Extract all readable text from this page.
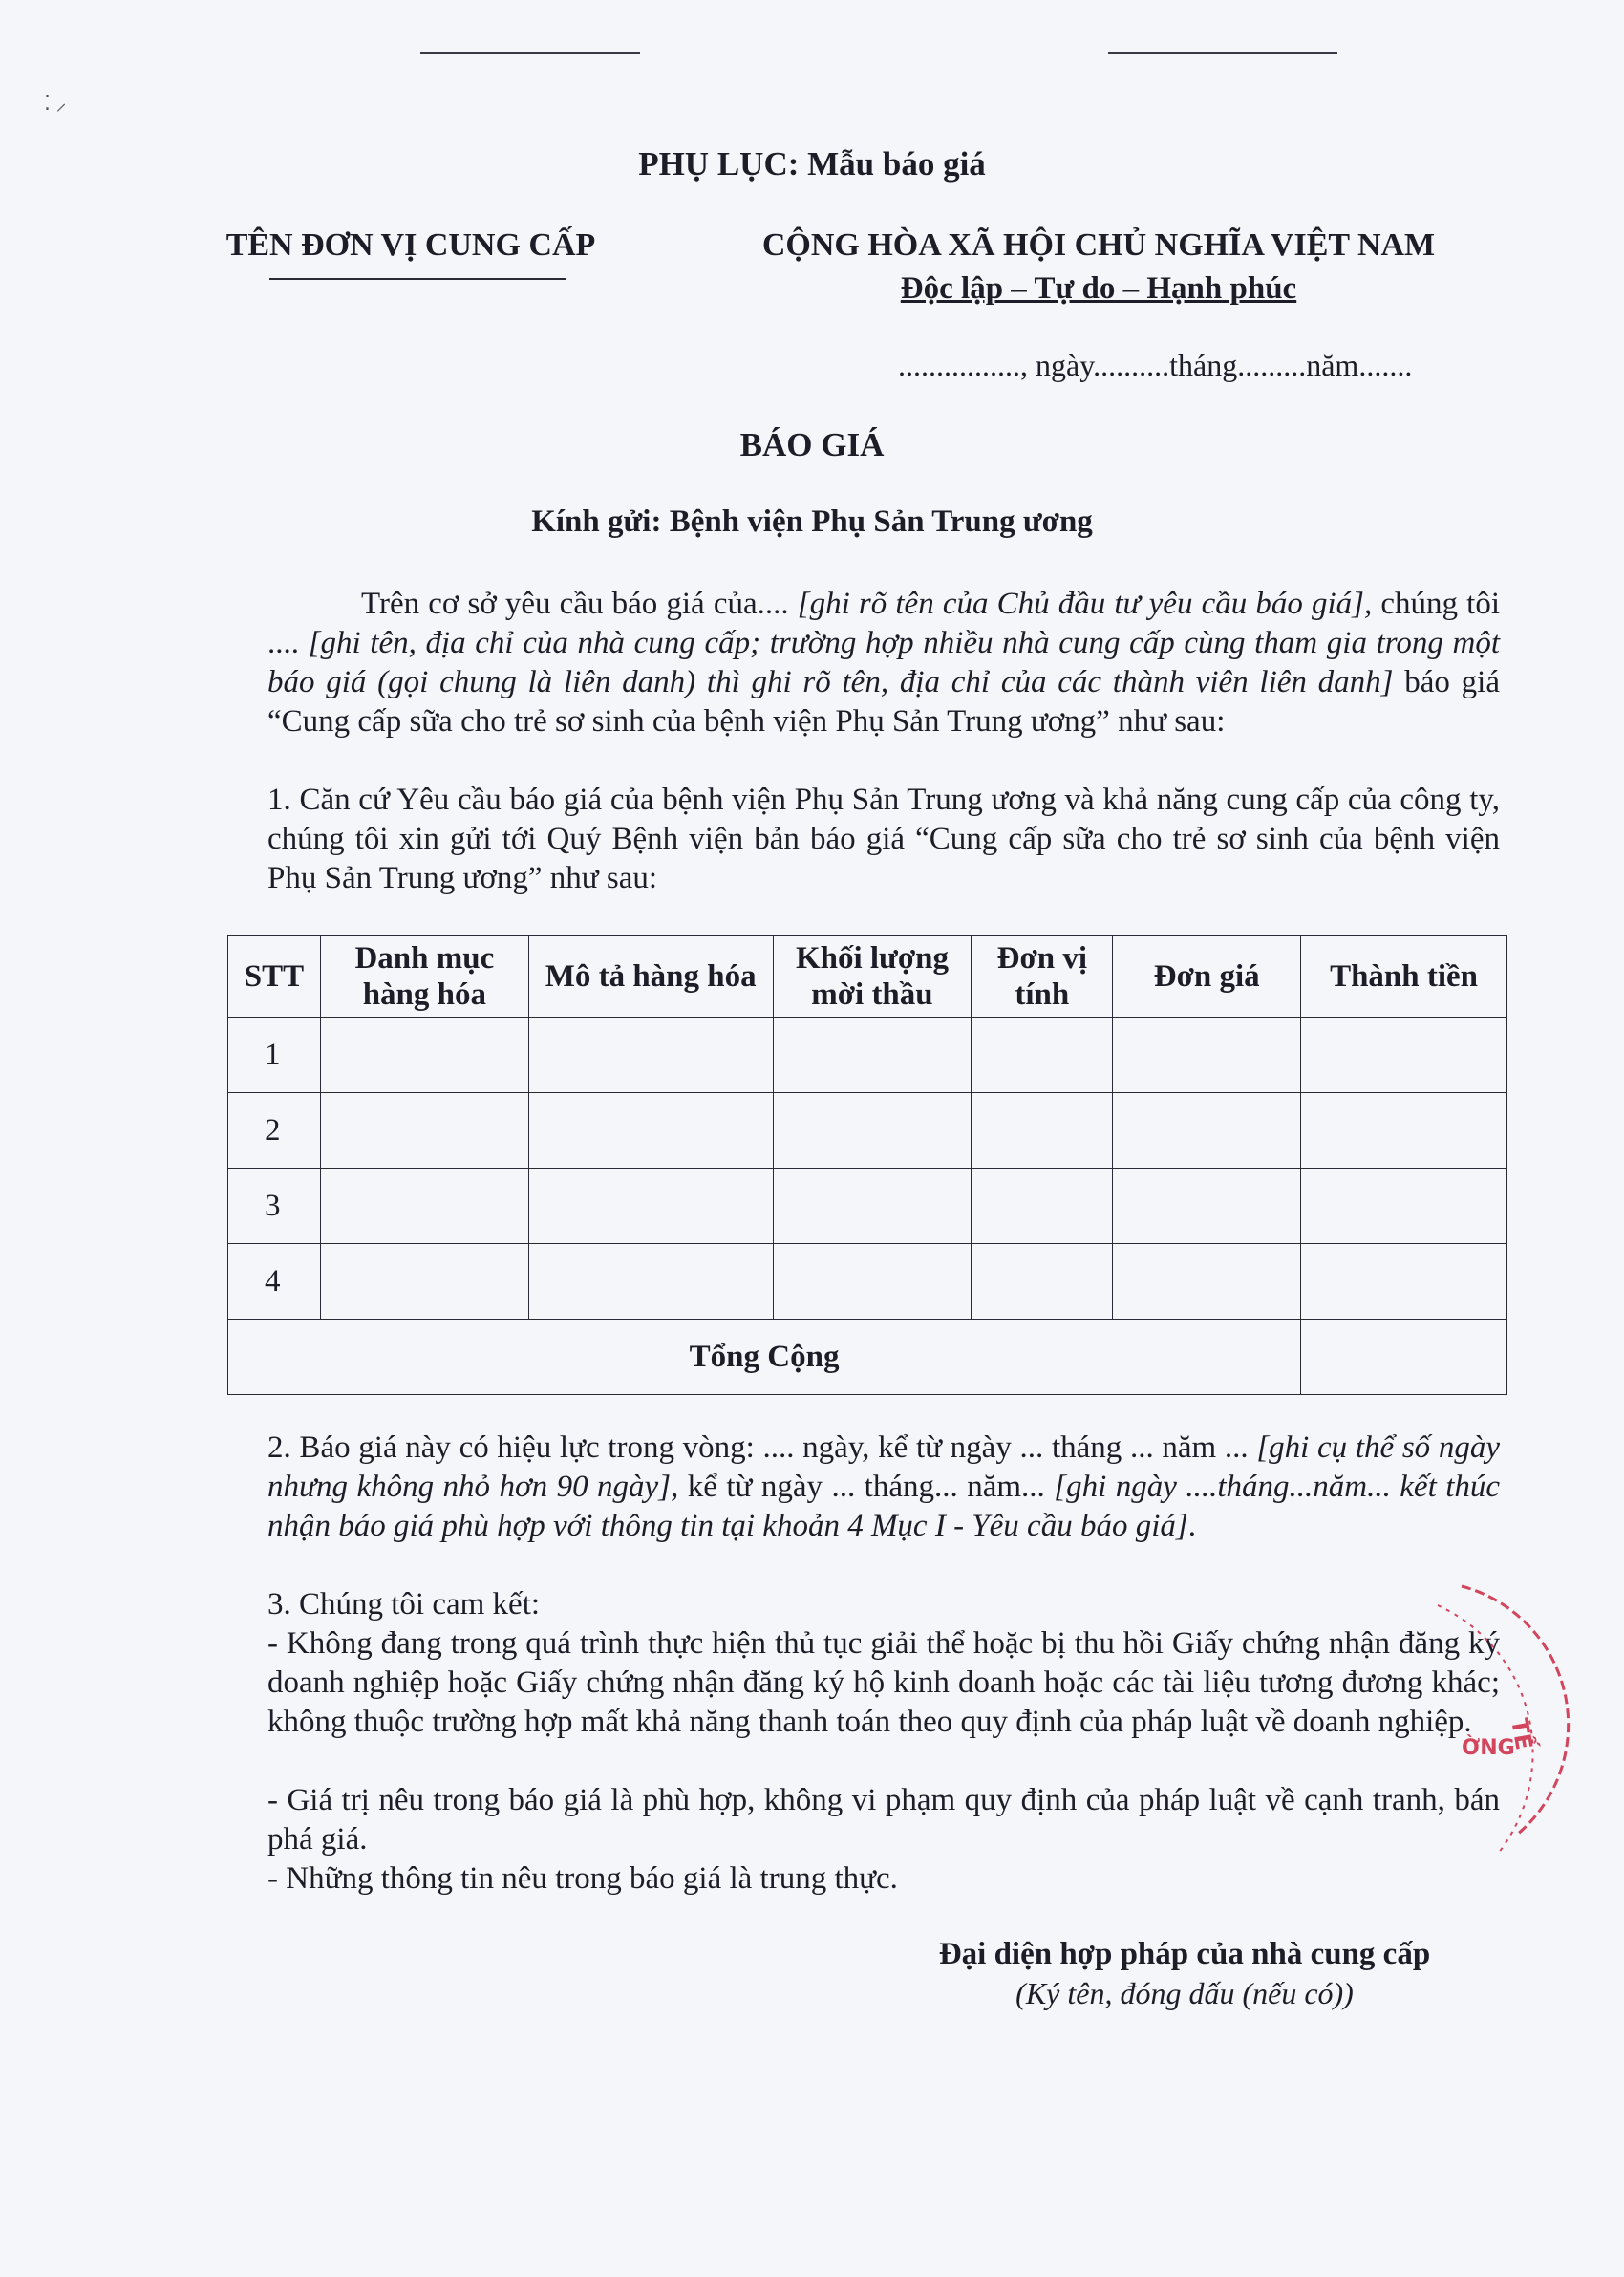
⁚ ⸝
PHỤ LỤC: Mẫu báo giá
TÊN ĐƠN VỊ CUNG CẤP	CỘNG HÒA XÃ HỘI CHỦ NGHĨA VIỆT NAM
Độc lập – Tự do – Hạnh phúc
................, ngày..........tháng.........năm.......
BÁO GIÁ
Kính gửi: Bệnh viện Phụ Sản Trung ương
Trên cơ sở yêu cầu báo giá của.... [ghi rõ tên của Chủ đầu tư yêu cầu báo giá], chúng tôi .... [ghi tên, địa chỉ của nhà cung cấp; trường hợp nhiều nhà cung cấp cùng tham gia trong một báo giá (gọi chung là liên danh) thì ghi rõ tên, địa chỉ của các thành viên liên danh] báo giá “Cung cấp sữa cho trẻ sơ sinh của bệnh viện Phụ Sản Trung ương” như sau:
1. Căn cứ Yêu cầu báo giá của bệnh viện Phụ Sản Trung ương và khả năng cung cấp của công ty, chúng tôi xin gửi tới Quý Bệnh viện bản báo giá “Cung cấp sữa cho trẻ sơ sinh của bệnh viện Phụ Sản Trung ương” như sau:
STT	Danh mục hàng hóa	Mô tả hàng hóa	Khối lượng mời thầu	Đơn vị tính	Đơn giá	Thành tiền
1						
2						
3						
4						
Tổng Cộng						
2. Báo giá này có hiệu lực trong vòng: .... ngày, kể từ ngày ... tháng ... năm ... [ghi cụ thể số ngày nhưng không nhỏ hơn 90 ngày], kể từ ngày ... tháng... năm... [ghi ngày ....tháng...năm... kết thúc nhận báo giá phù hợp với thông tin tại khoản 4 Mục I - Yêu cầu báo giá].
3. Chúng tôi cam kết:
- Không đang trong quá trình thực hiện thủ tục giải thể hoặc bị thu hồi Giấy chứng nhận đăng ký doanh nghiệp hoặc Giấy chứng nhận đăng ký hộ kinh doanh hoặc các tài liệu tương đương khác; không thuộc trường hợp mất khả năng thanh toán theo quy định của pháp luật về doanh nghiệp.
- Giá trị nêu trong báo giá là phù hợp, không vi phạm quy định của pháp luật về cạnh tranh, bán phá giá.
- Những thông tin nêu trong báo giá là trung thực.
Đại diện hợp pháp của nhà cung cấp
(Ký tên, đóng dấu (nếu có))
TẾ
ỜNG
